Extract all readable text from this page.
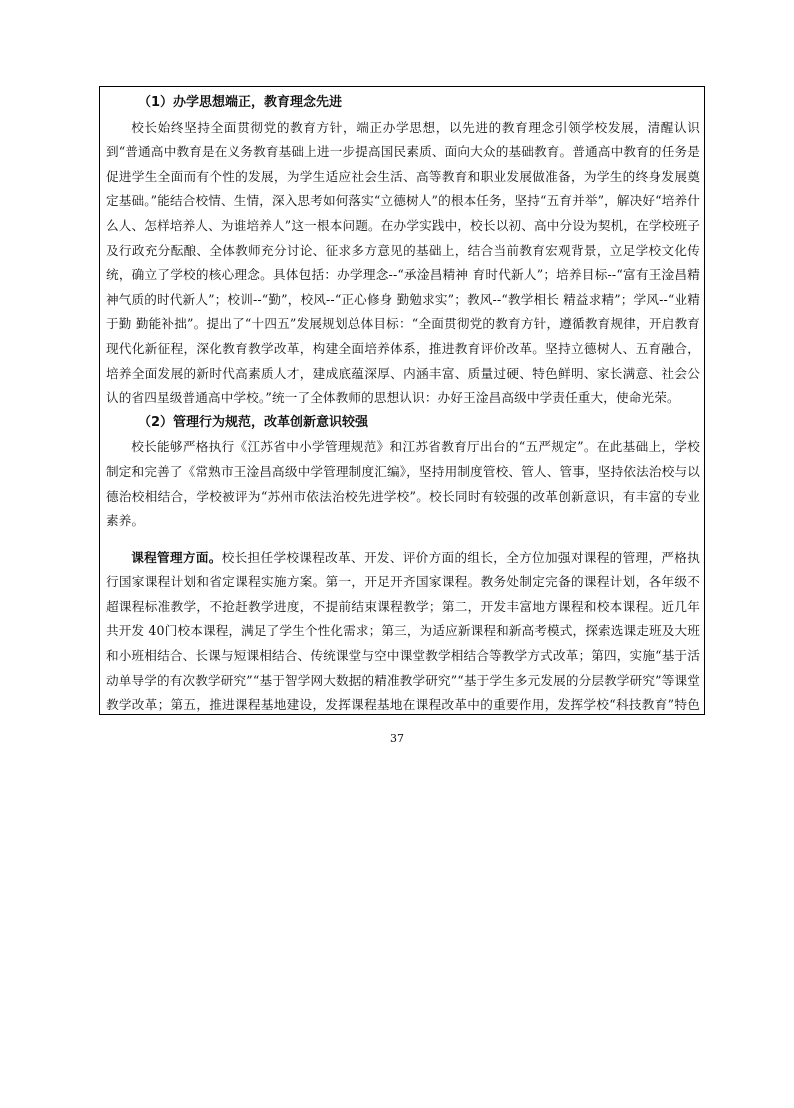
（1）办学思想端正，教育理念先进

校长始终坚持全面贯彻党的教育方针，端正办学思想，以先进的教育理念引领学校发展，清醒认识到“普通高中教育是在义务教育基础上进一步提高国民素质、面向大众的基础教育。普通高中教育的任务是促进学生全面而有个性的发展，为学生适应社会生活、高等教育和职业发展做准备，为学生的终身发展奠定基础。”能结合校情、生情，深入思考如何落实“立德树人”的根本任务，坚持“五育并举”，解决好“培养什么人、怎样培养人、为谁培养人”这一根本问题。在办学实践中，校长以初、高中分设为契机，在学校班子及行政充分酝酿、全体教师充分讨论、征求多方意见的基础上，结合当前教育宏观背景，立足学校文化传统，确立了学校的核心理念。具体包括：办学理念--“承淦昌精神 育时代新人”；培养目标--“富有王淦昌精神气质的时代新人”；校训--“勤”，校风--“正心修身 勤勉求实”；教风--“教学相长 精益求精”；学风--“业精于勤 勤能补拙”。提出了“十四五”发展规划总体目标：“全面贯彻党的教育方针，遵循教育规律，开启教育现代化新征程，深化教育教学改革，构建全面培养体系，推进教育评价改革。坚持立德树人、五育融合，培养全面发展的新时代高素质人才，建成底蕴深厚、内涵丰富、质量过硬、特色鲜明、家长满意、社会公认的省四星级普通高中学校。”统一了全体教师的思想认识：办好王淦昌高级中学责任重大，使命光荣。

（2）管理行为规范，改革创新意识较强

校长能够严格执行《江苏省中小学管理规范》和江苏省教育厅出台的“五严规定”。在此基础上，学校制定和完善了《常熟市王淦昌高级中学管理制度汇编》，坚持用制度管校、管人、管事，坚持依法治校与以德治校相结合，学校被评为“苏州市依法治校先进学校”。校长同时有较强的改革创新意识，有丰富的专业素养。

课程管理方面。校长担任学校课程改革、开发、评价方面的组长，全方位加强对课程的管理，严格执行国家课程计划和省定课程实施方案。第一，开足开齐国家课程。教务处制定完备的课程计划，各年级不超课程标准教学，不抢赶教学进度，不提前结束课程教学；第二，开发丰富地方课程和校本课程。近几年共开发 40门校本课程，满足了学生个性化需求；第三，为适应新课程和新高考模式，探索选课走班及大班和小班相结合、长课与短课相结合、传统课堂与空中课堂教学相结合等教学方式改革；第四，实施“基于活动单导学的有次教学研究”“基于智学网大数据的精准教学研究”“基于学生多元发展的分层教学研究”等课堂教学改革；第五，推进课程基地建设，发挥课程基地在课程改革中的重要作用，发挥学校“科技教育”特色

37
